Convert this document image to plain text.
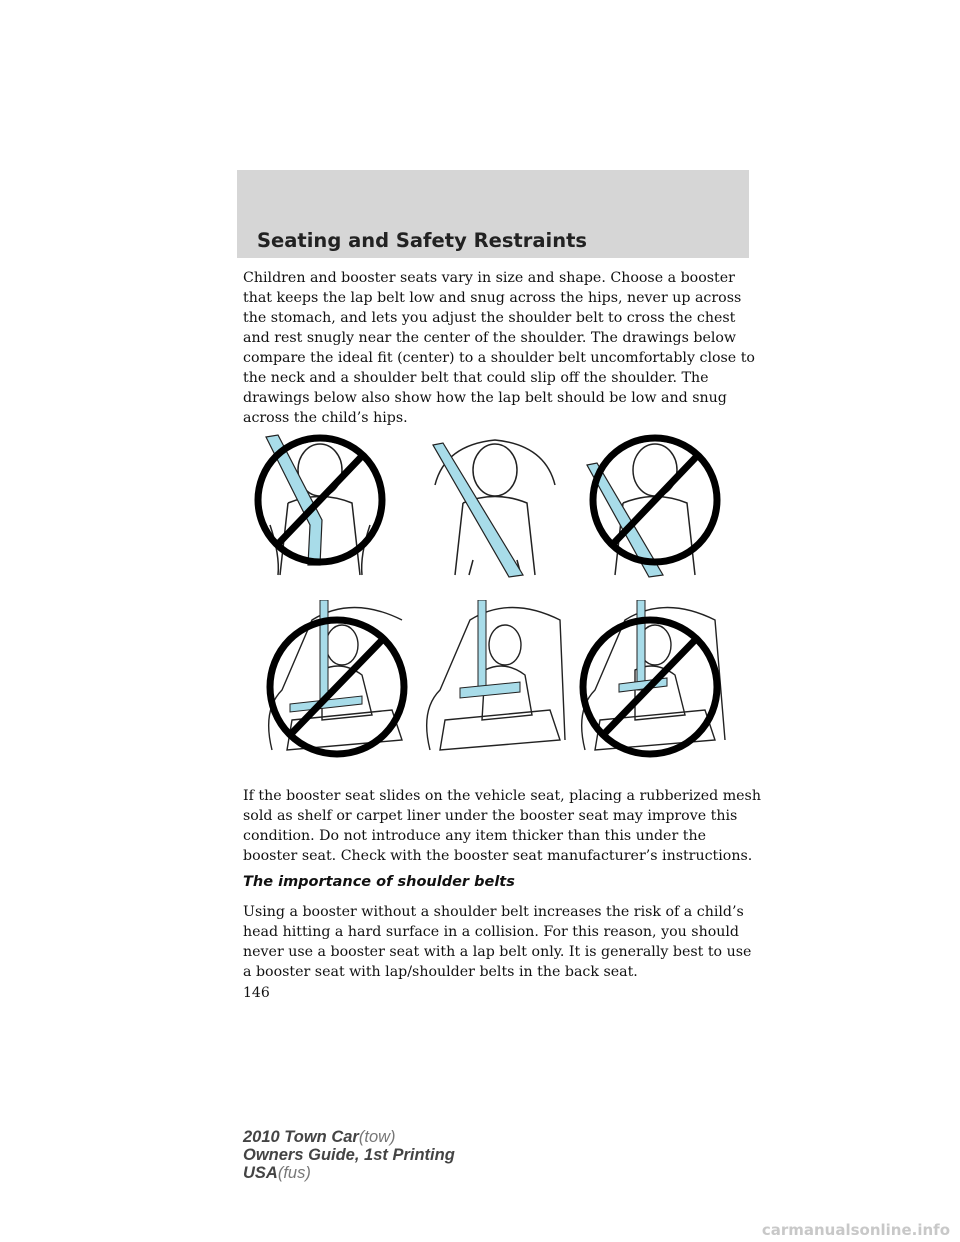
Seating and Safety Restraints

Children and booster seats vary in size and shape. Choose a booster that keeps the lap belt low and snug across the hips, never up across the stomach, and lets you adjust the shoulder belt to cross the chest and rest snugly near the center of the shoulder. The drawings below compare the ideal fit (center) to a shoulder belt uncomfortably close to the neck and a shoulder belt that could slip off the shoulder. The drawings below also show how the lap belt should be low and snug across the child’s hips.

If the booster seat slides on the vehicle seat, placing a rubberized mesh sold as shelf or carpet liner under the booster seat may improve this condition. Do not introduce any item thicker than this under the booster seat. Check with the booster seat manufacturer’s instructions.

The importance of shoulder belts

Using a booster without a shoulder belt increases the risk of a child’s head hitting a hard surface in a collision. For this reason, you should never use a booster seat with a lap belt only. It is generally best to use a booster seat with lap/shoulder belts in the back seat.

146
2010 Town Car(tow)
Owners Guide, 1st Printing
USA(fus)
carmanualsonline.info
